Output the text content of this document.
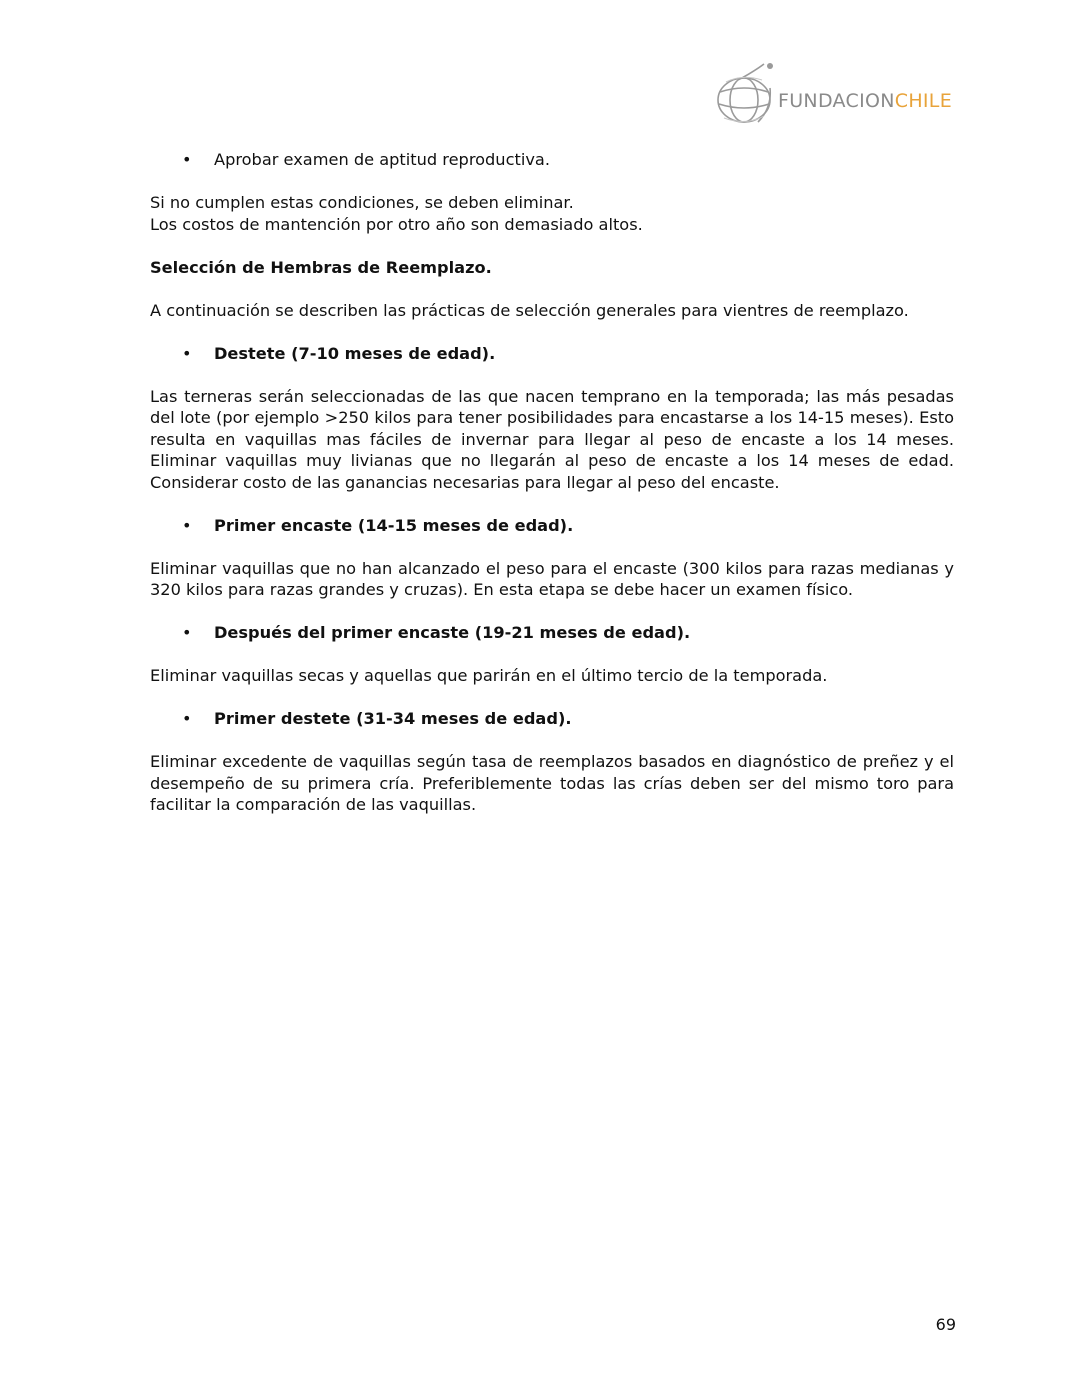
FUNDACIONCHILE
• Aprobar examen de aptitud reproductiva.

Si no cumplen estas condiciones, se deben eliminar.
Los costos de mantención por otro año son demasiado altos.

Selección de Hembras de Reemplazo.

A continuación se describen las prácticas de selección generales para vientres de reemplazo.

• Destete (7-10 meses de edad).

Las terneras serán seleccionadas de las que nacen temprano en la temporada; las más pesadas del lote (por ejemplo >250 kilos para tener posibilidades para encastarse a los 14-15 meses). Esto resulta en vaquillas mas fáciles de invernar para llegar al peso de encaste a los 14 meses. Eliminar vaquillas muy livianas que no llegarán al peso de encaste a los 14 meses de edad. Considerar costo de las ganancias necesarias para llegar al peso del encaste.

• Primer encaste (14-15 meses de edad).

Eliminar vaquillas que no han alcanzado el peso para el encaste (300 kilos para razas medianas y 320 kilos para razas grandes y cruzas). En esta etapa se debe hacer un examen físico.

• Después del primer encaste (19-21 meses de edad).

Eliminar vaquillas secas y aquellas que parirán en el último tercio de la temporada.

• Primer destete (31-34 meses de edad).

Eliminar excedente de vaquillas según tasa de reemplazos basados en diagnóstico de preñez y el desempeño de su primera cría. Preferiblemente todas las crías deben ser del mismo toro para facilitar la comparación de las vaquillas.

69
